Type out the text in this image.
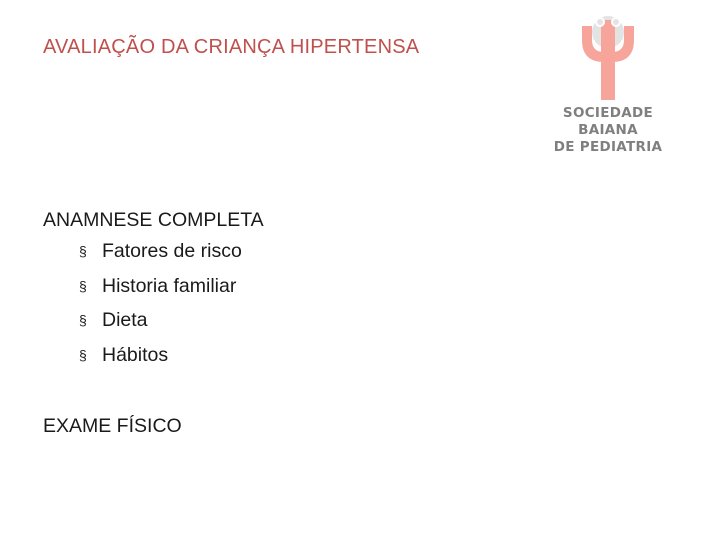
AVALIAÇÃO DA CRIANÇA HIPERTENSA
SOCIEDADE
BAIANA
DE PEDIATRIA
ANAMNESE COMPLETA
§ Fatores de risco
§ Historia familiar
§ Dieta
§ Hábitos
EXAME FÍSICO
